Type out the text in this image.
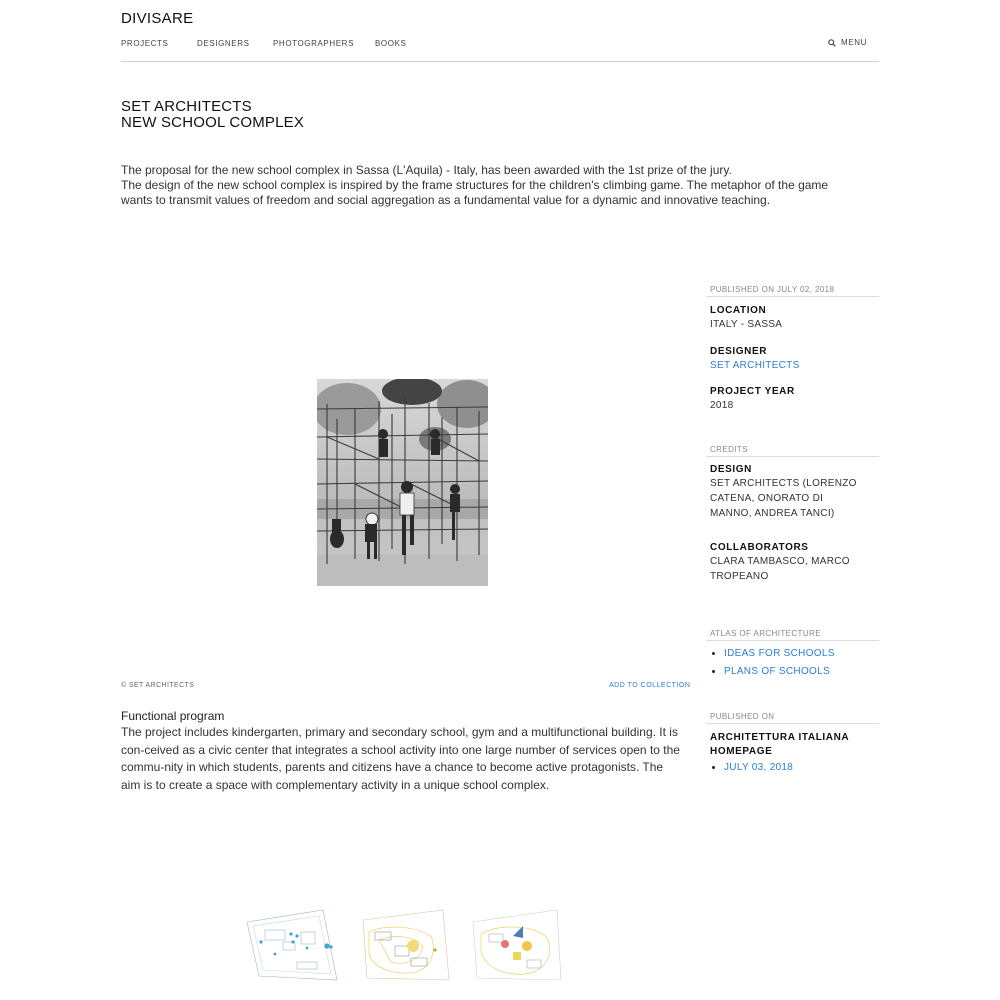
DIVISARE
PROJECTS	DESIGNERS	PHOTOGRAPHERS	BOOKS	MENU
SET ARCHITECTS
NEW SCHOOL COMPLEX

The proposal for the new school complex in Sassa (L'Aquila) - Italy, has been awarded with the 1st prize of the jury.

The design of the new school complex is inspired by the frame structures for the children's climbing game. The metaphor of the game wants to transmit values of freedom and social aggregation as a fundamental value for a dynamic and innovative teaching.

© SET ARCHITECTS	ADD TO COLLECTION
Functional program
The project includes kindergarten, primary and secondary school, gym and a multifunctional building. It is con-ceived as a civic center that integrates a school activity into one large number of services open to the commu-nity in which students, parents and citizens have a chance to become active protagonists. The aim is to create a space with complementary activity in a unique school complex.
PUBLISHED ON JULY 02, 2018
LOCATION
ITALY - SASSA
DESIGNER
SET ARCHITECTS
PROJECT YEAR
2018
CREDITS
DESIGN
SET ARCHITECTS (LORENZO CATENA, ONORATO DI MANNO, ANDREA TANCI)
COLLABORATORS
CLARA TAMBASCO, MARCO TROPEANO
ATLAS OF ARCHITECTURE
• IDEAS FOR SCHOOLS
• PLANS OF SCHOOLS
PUBLISHED ON
ARCHITETTURA ITALIANA HOMEPAGE
• JULY 03, 2018
